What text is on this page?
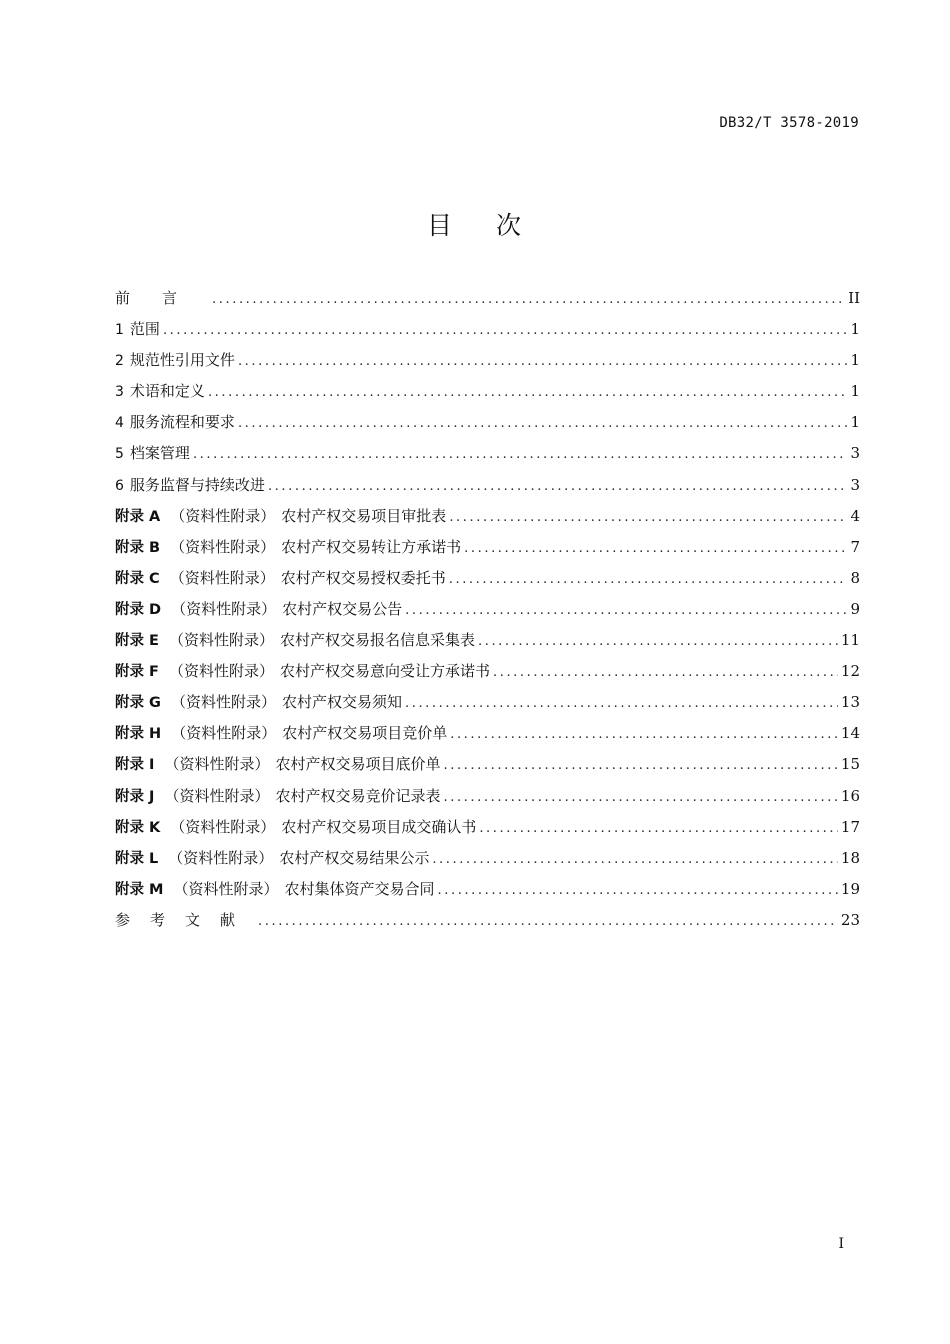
DB32/T 3578-2019
目 次
前言 .....	II
1 范围 .....	1
2 规范性引用文件 .....	1
3 术语和定义 .....	1
4 服务流程和要求 .....	1
5 档案管理 .....	3
6 服务监督与持续改进 .....	3
附录 A （资料性附录） 农村产权交易项目审批表 .....	4
附录 B （资料性附录） 农村产权交易转让方承诺书 .....	7
附录 C （资料性附录） 农村产权交易授权委托书 .....	8
附录 D （资料性附录） 农村产权交易公告 .....	9
附录 E （资料性附录） 农村产权交易报名信息采集表 .....	11
附录 F （资料性附录） 农村产权交易意向受让方承诺书 .....	12
附录 G （资料性附录） 农村产权交易须知 .....	13
附录 H （资料性附录） 农村产权交易项目竞价单 .....	14
附录 I （资料性附录） 农村产权交易项目底价单 .....	15
附录 J （资料性附录） 农村产权交易竞价记录表 .....	16
附录 K （资料性附录） 农村产权交易项目成交确认书 .....	17
附录 L （资料性附录） 农村产权交易结果公示 .....	18
附录 M （资料性附录） 农村集体资产交易合同 .....	19
参考文献 .....	23
I
